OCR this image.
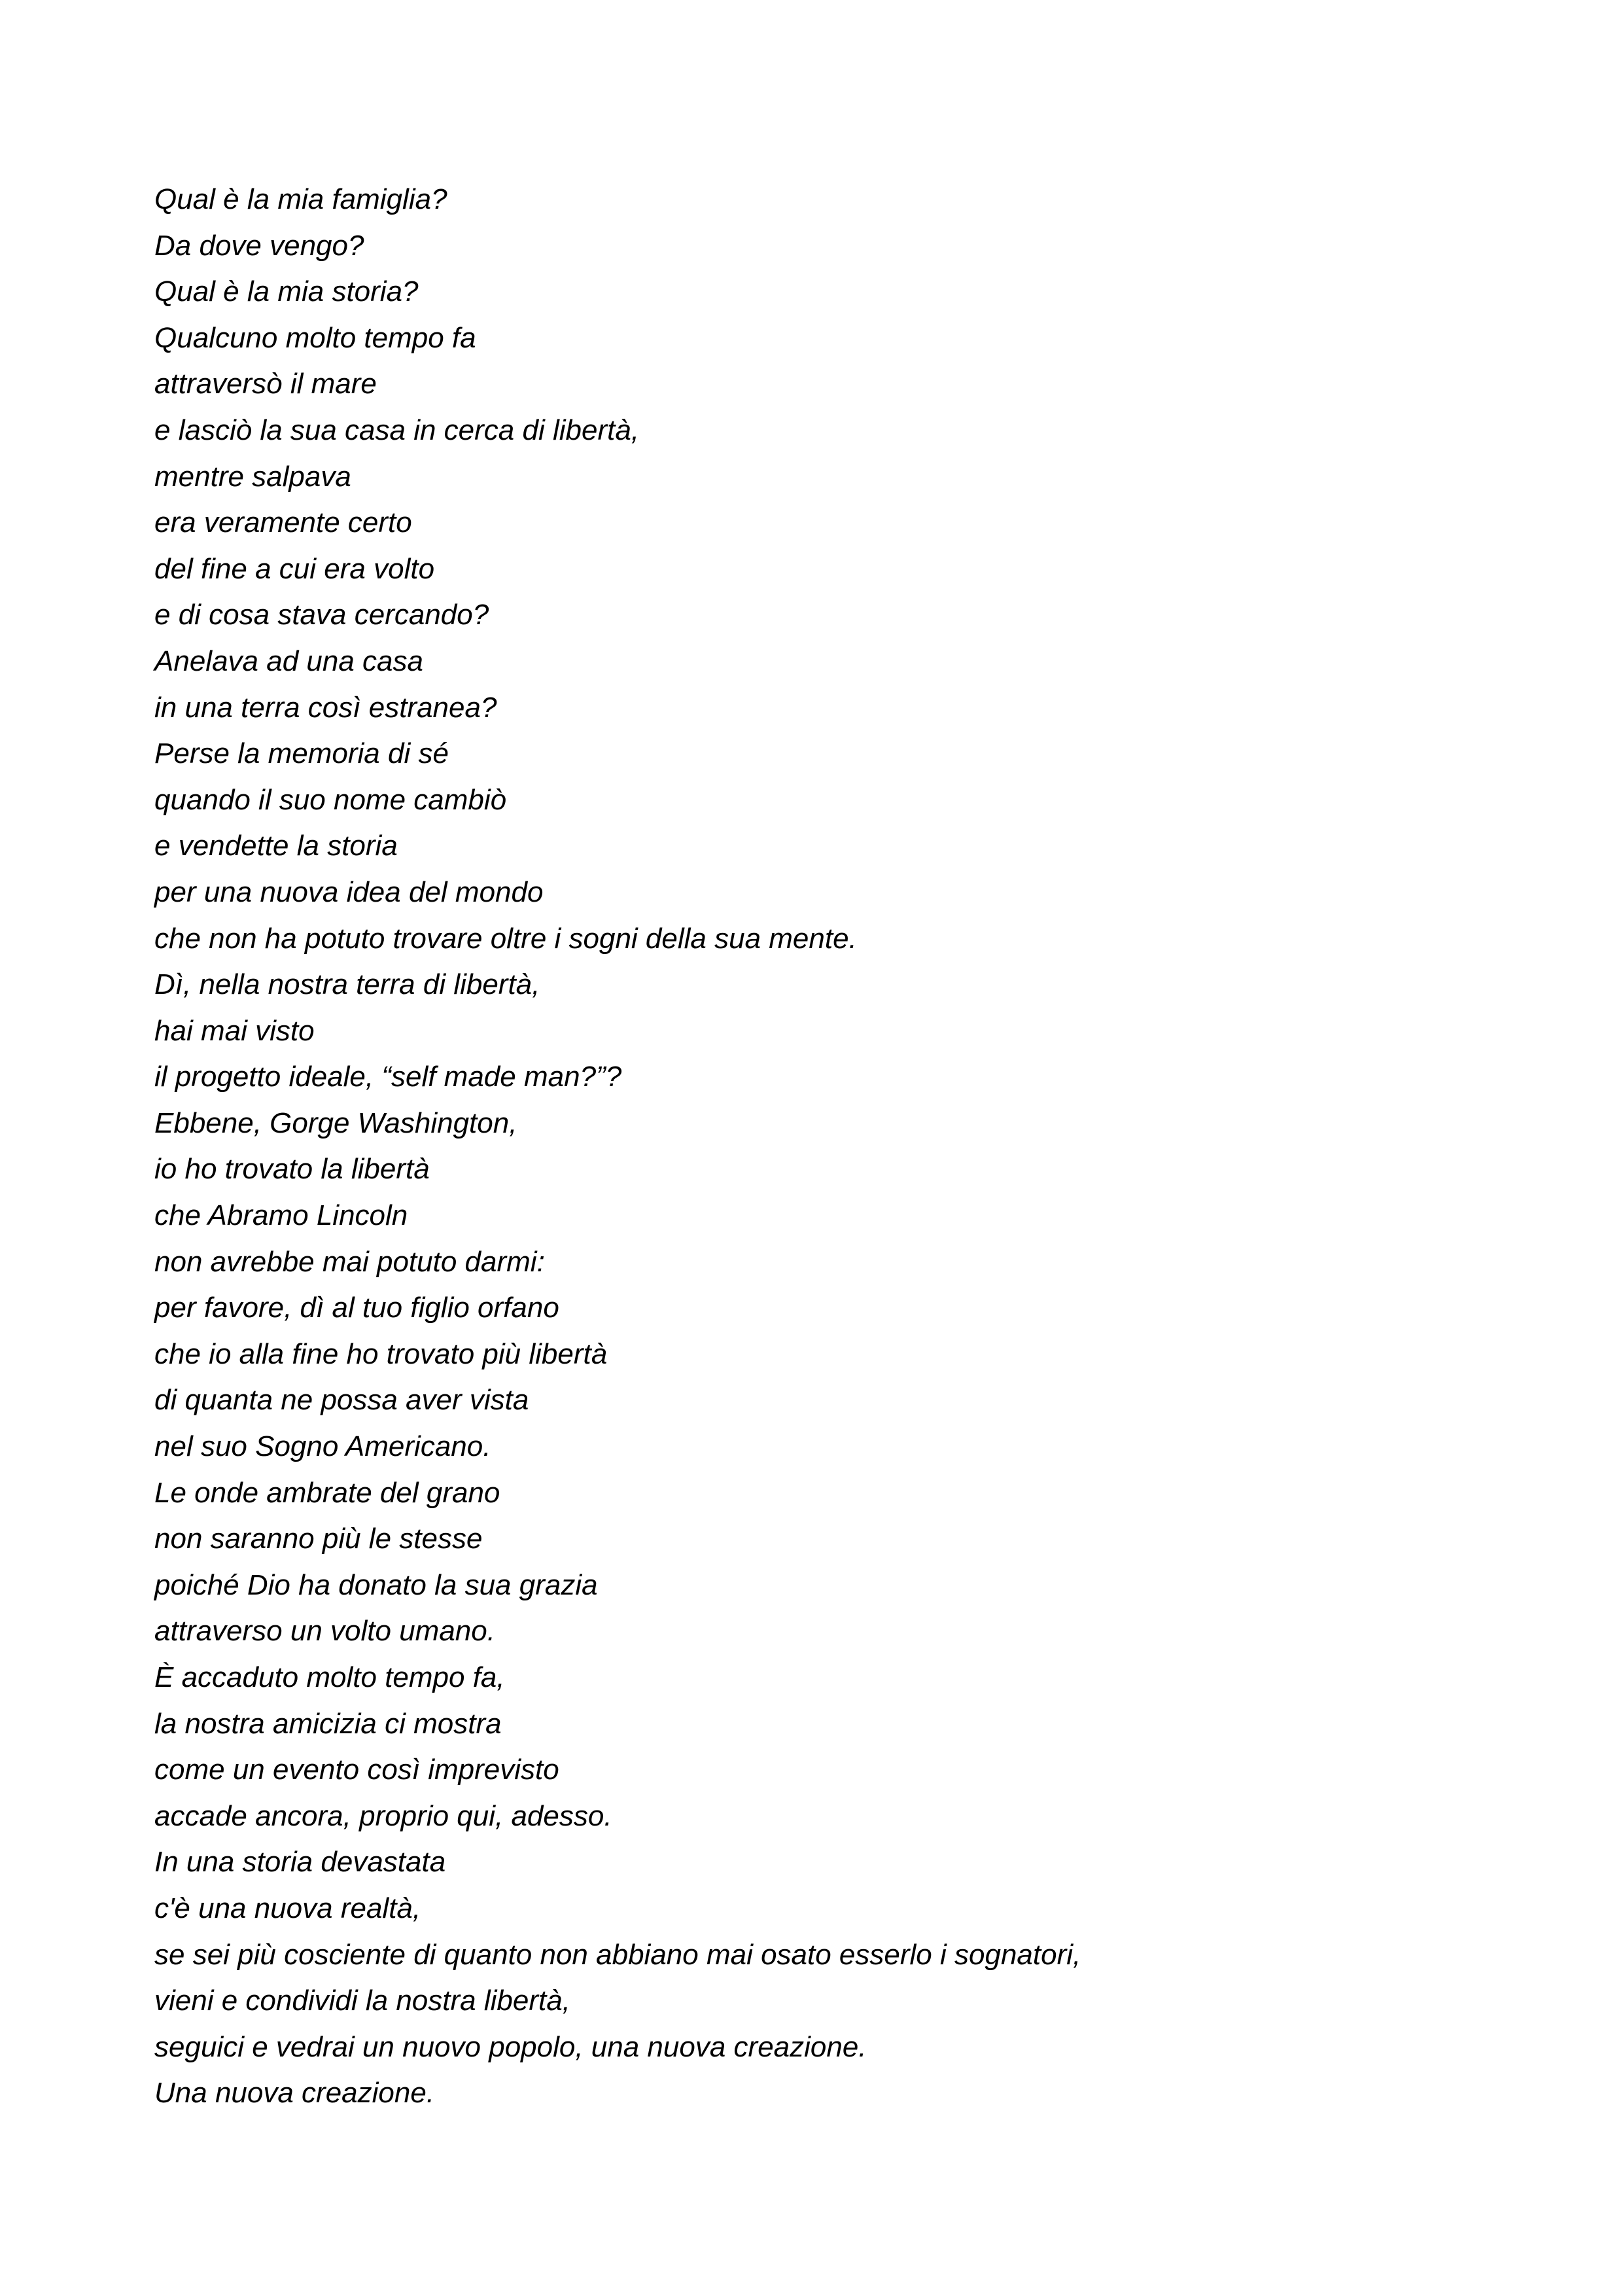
Qual è la mia famiglia?
Da dove vengo?
Qual è la mia storia?
Qualcuno molto tempo fa
attraversò il mare
e lasciò la sua casa in cerca di libertà,
mentre salpava
era veramente certo
del fine a cui era volto
e di cosa stava cercando?
Anelava ad una casa
in una terra così estranea?
Perse la memoria di sé
quando il suo nome cambiò
e vendette la storia
per una nuova idea del mondo
che non ha potuto trovare oltre i sogni della sua mente.
Dì, nella nostra terra di libertà,
hai mai visto
il progetto ideale, “self made man?”?
Ebbene, Gorge Washington,
io ho trovato la libertà
che Abramo Lincoln
non avrebbe mai potuto darmi:
per favore, dì al tuo figlio orfano
che io alla fine ho trovato più libertà
di quanta ne possa aver vista
nel suo Sogno Americano.
Le onde ambrate del grano
non saranno più le stesse
poiché Dio ha donato la sua grazia
attraverso un volto umano.
È accaduto molto tempo fa,
la nostra amicizia ci mostra
come un evento così imprevisto
accade ancora, proprio qui, adesso.
In una storia devastata
c'è una nuova realtà,
se sei più cosciente di quanto non abbiano mai osato esserlo i sognatori,
vieni e condividi la nostra libertà,
seguici e vedrai un nuovo popolo, una nuova creazione.
Una nuova creazione.
